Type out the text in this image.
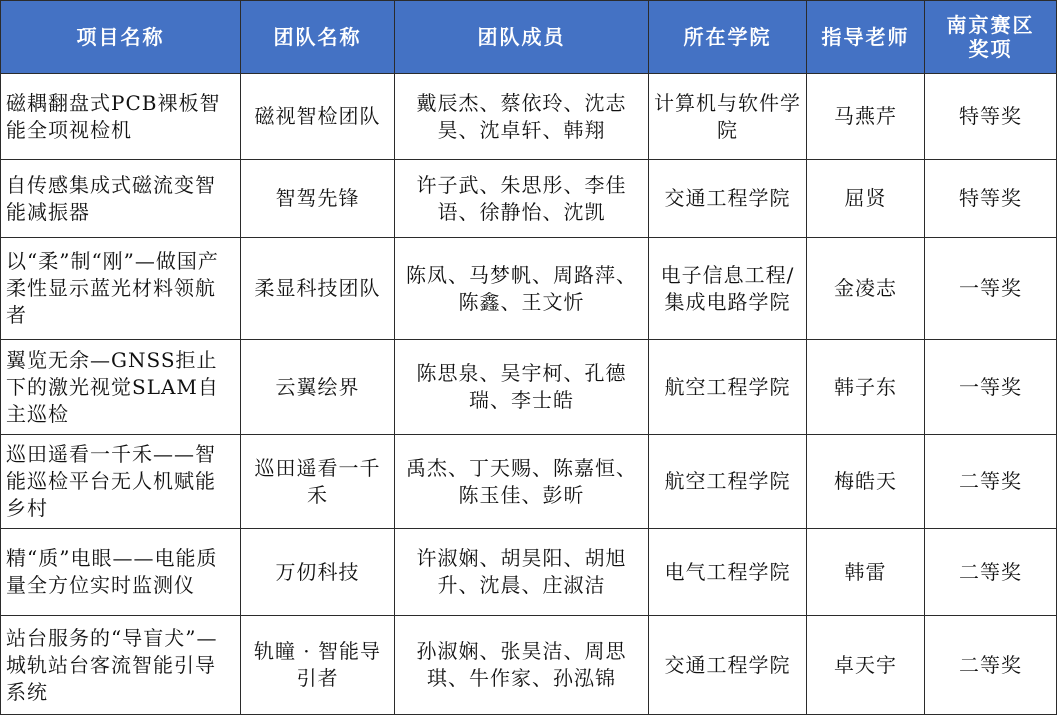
项目名称	团队名称	团队成员	所在学院	指导老师	南京赛区奖项
磁耦翻盘式PCB裸板智能全项视检机	磁视智检团队	戴辰杰、蔡依玲、沈志昊、沈卓轩、韩翔	计算机与软件学院	马燕芹	特等奖
自传感集成式磁流变智能减振器	智驾先锋	许子武、朱思彤、李佳语、徐静怡、沈凯	交通工程学院	屈贤	特等奖
以“柔”制“刚”—做国产柔性显示蓝光材料领航者	柔显科技团队	陈凤、马梦帆、周路萍、陈鑫、王文忻	电子信息工程/集成电路学院	金凌志	一等奖
翼览无余—GNSS拒止下的激光视觉SLAM自主巡检	云翼绘界	陈思泉、吴宇柯、孔德瑞、李士皓	航空工程学院	韩子东	一等奖
巡田遥看一千禾——智能巡检平台无人机赋能乡村	巡田遥看一千禾	禹杰、丁天赐、陈嘉恒、陈玉佳、彭昕	航空工程学院	梅皓天	二等奖
精“质”电眼——电能质量全方位实时监测仪	万仞科技	许淑娴、胡昊阳、胡旭升、沈晨、庄淑洁	电气工程学院	韩雷	二等奖
站台服务的“导盲犬”—城轨站台客流智能引导系统	轨瞳 · 智能导引者	孙淑娴、张昊洁、周思琪、牛作家、孙泓锦	交通工程学院	卓天宇	二等奖
